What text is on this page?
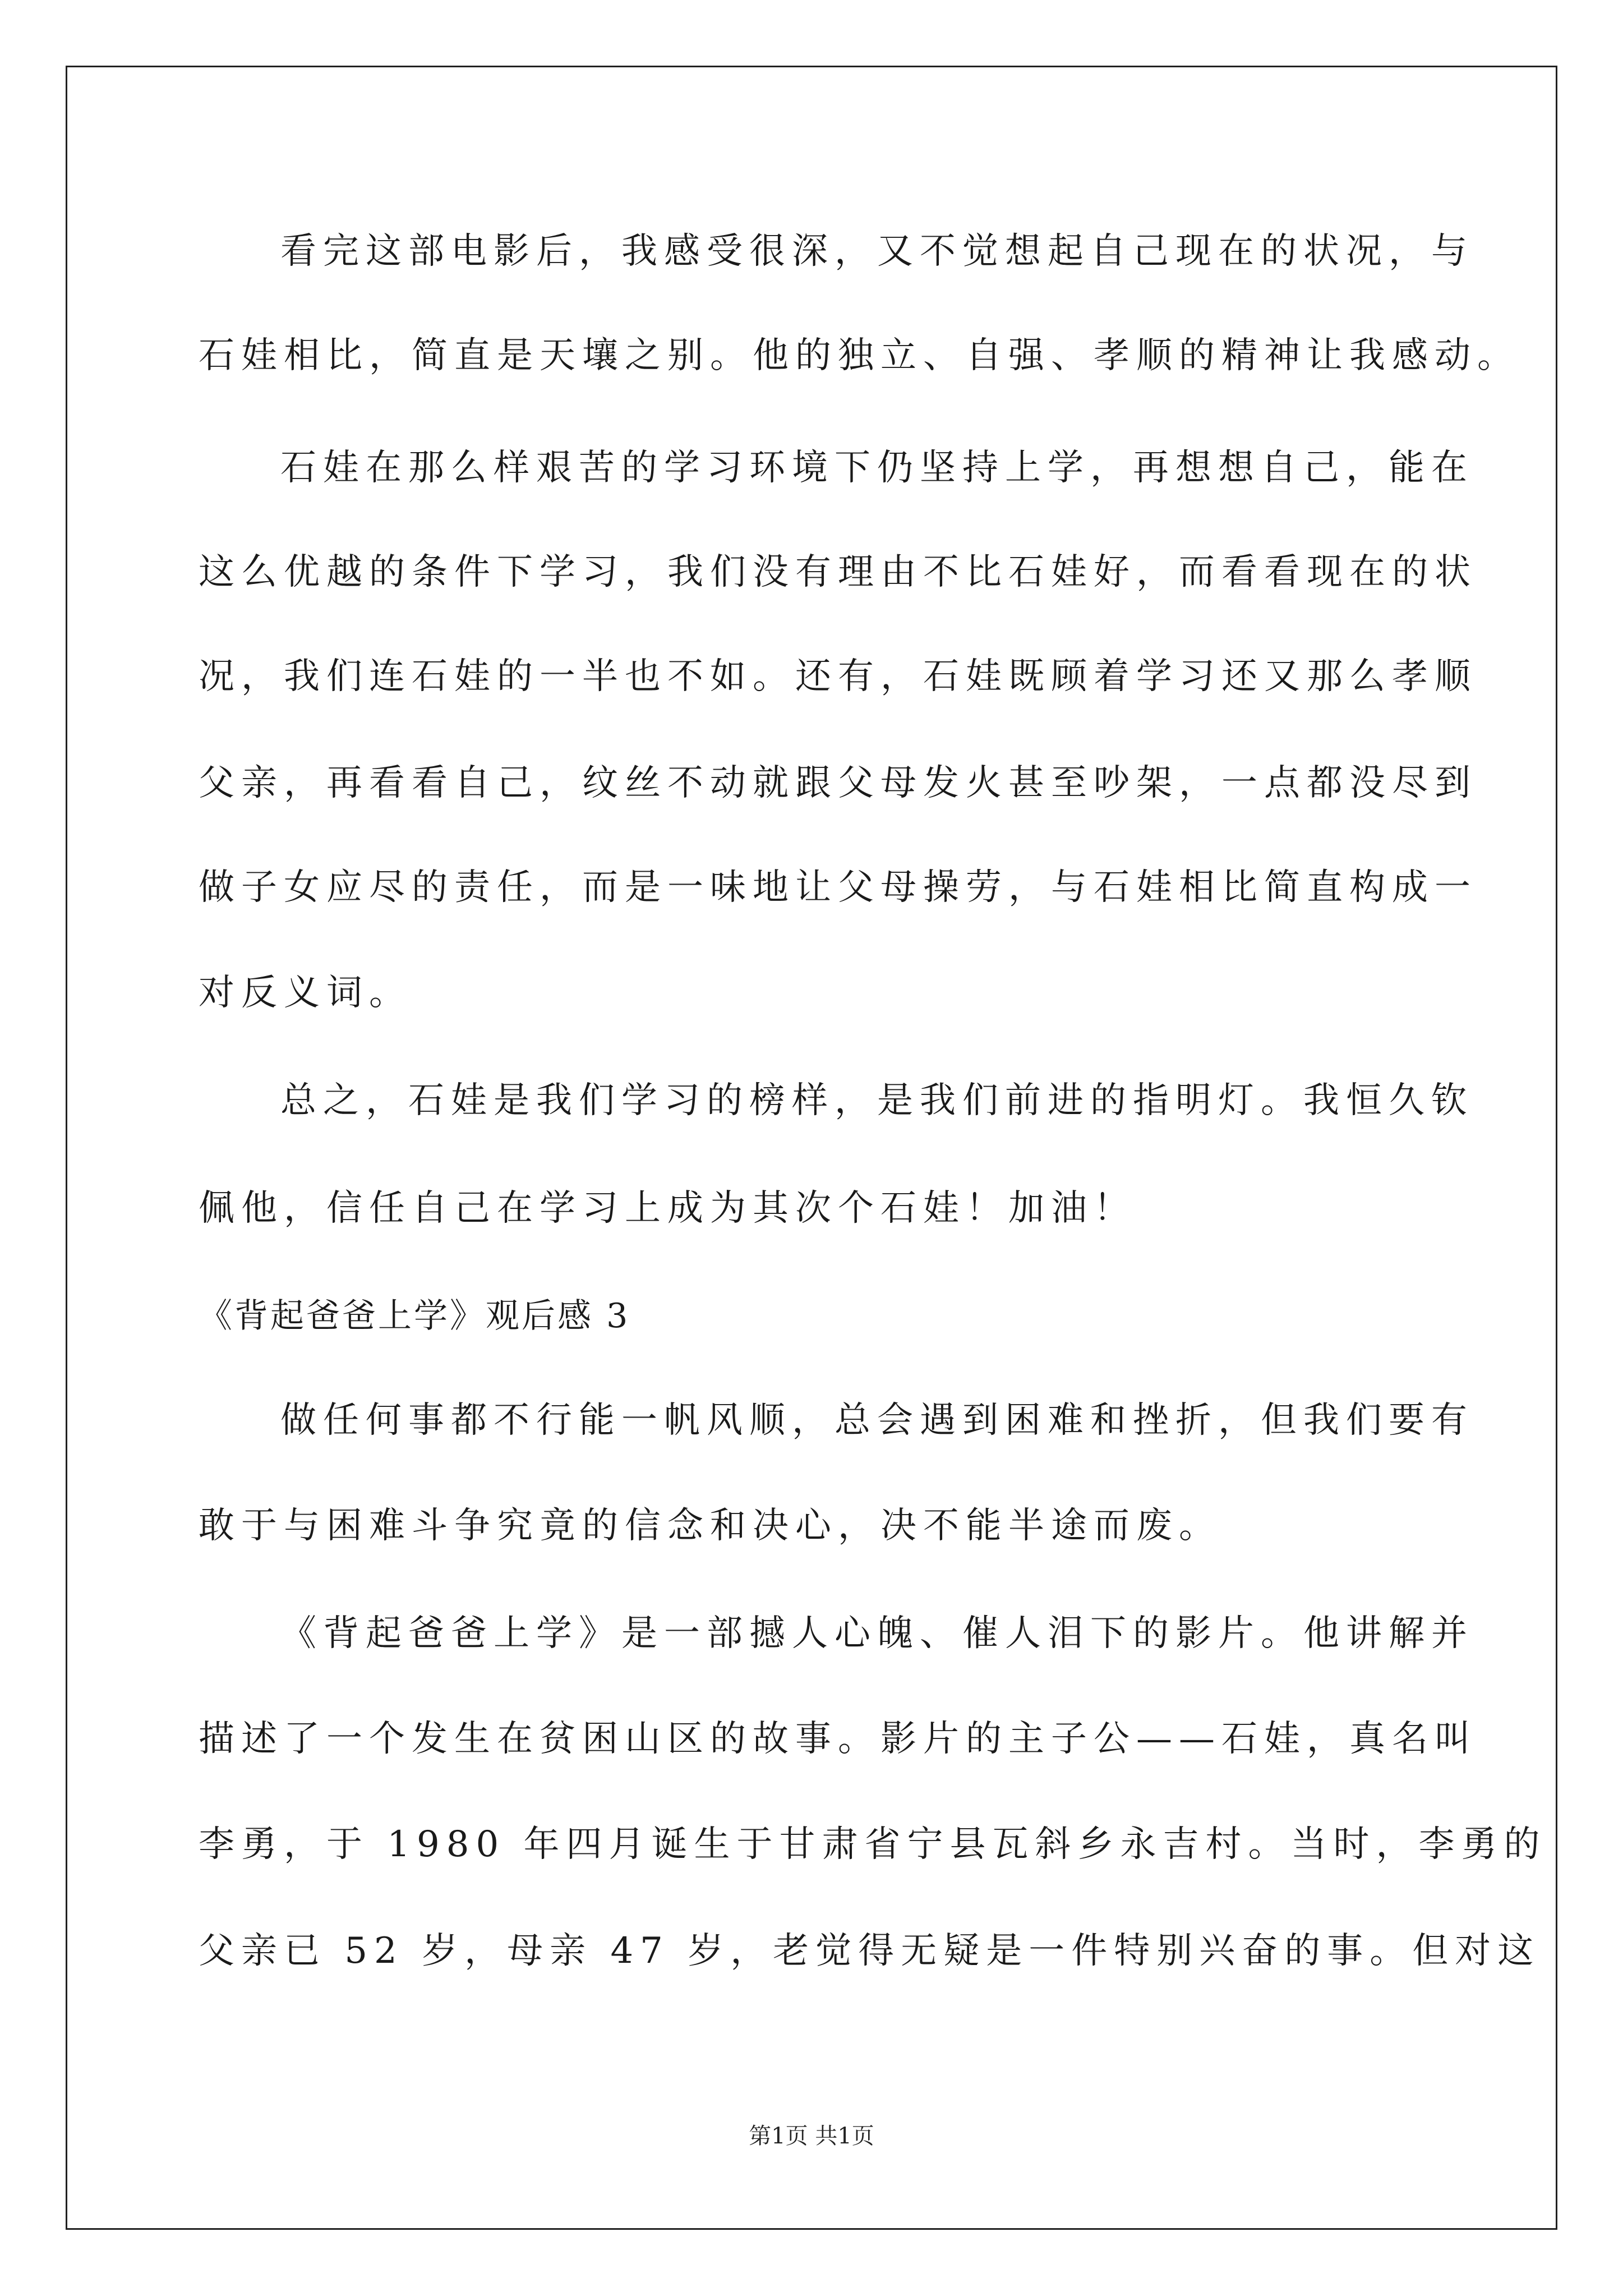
看完这部电影后，我感受很深，又不觉想起自己现在的状况，与
石娃相比，简直是天壤之别。他的独立、自强、孝顺的精神让我感动。
石娃在那么样艰苦的学习环境下仍坚持上学，再想想自己，能在
这么优越的条件下学习，我们没有理由不比石娃好，而看看现在的状
况，我们连石娃的一半也不如。还有，石娃既顾着学习还又那么孝顺
父亲，再看看自己，纹丝不动就跟父母发火甚至吵架，一点都没尽到
做子女应尽的责任，而是一味地让父母操劳，与石娃相比简直构成一
对反义词。
总之，石娃是我们学习的榜样，是我们前进的指明灯。我恒久钦
佩他，信任自己在学习上成为其次个石娃！加油！
《背起爸爸上学》观后感 3
做任何事都不行能一帆风顺，总会遇到困难和挫折，但我们要有
敢于与困难斗争究竟的信念和决心，决不能半途而废。
《背起爸爸上学》是一部撼人心魄、催人泪下的影片。他讲解并
描述了一个发生在贫困山区的故事。影片的主子公——石娃，真名叫
李勇，于 1980 年四月诞生于甘肃省宁县瓦斜乡永吉村。当时，李勇的
父亲已 52 岁，母亲 47 岁，老觉得无疑是一件特别兴奋的事。但对这
第1页 共1页
